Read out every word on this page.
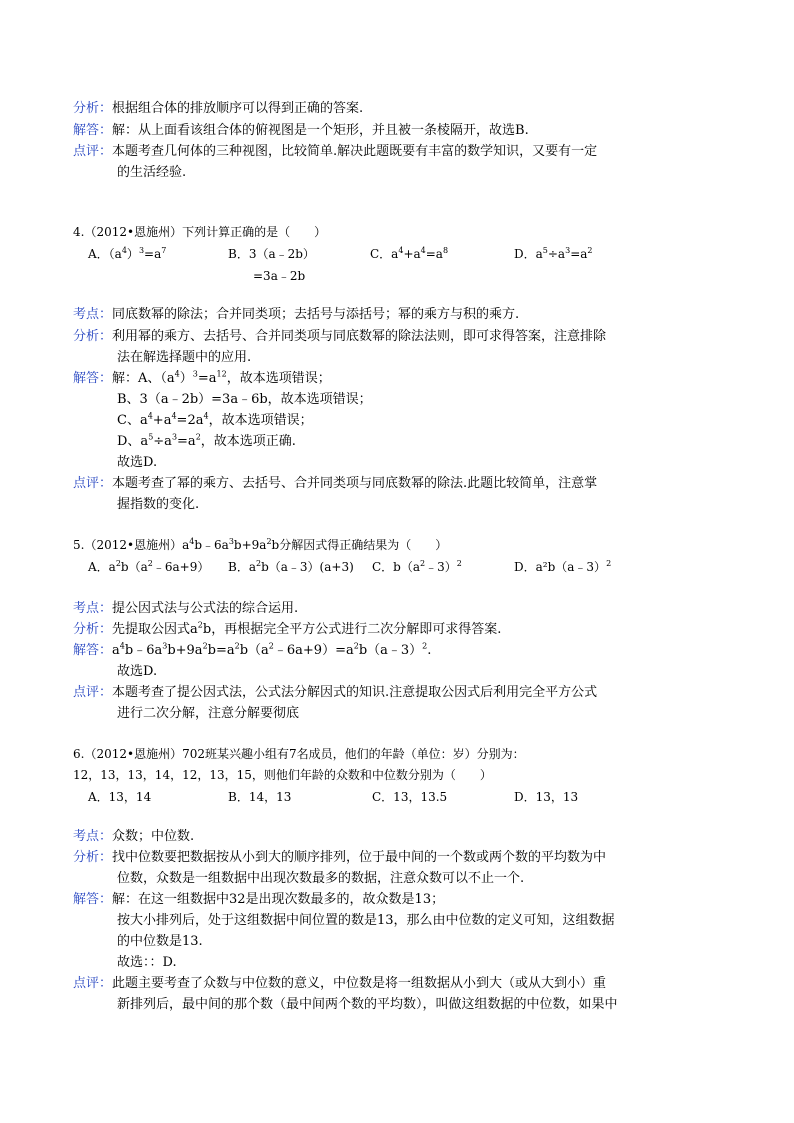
分析：根据组合体的排放顺序可以得到正确的答案.
解答：解：从上面看该组合体的俯视图是一个矩形，并且被一条棱隔开，故选B.
点评：本题考查几何体的三种视图，比较简单.解决此题既要有丰富的数学知识，又要有一定
的生活经验.
4.（2012•恩施州）下列计算正确的是（　　）
A．$(a^4)^3=a^7$	B．3（a﹣2b）
=3a﹣2b
C．$a^4+a^4=a^8$	D．$a^5\div a^3=a^2$
考点：同底数幂的除法；合并同类项；去括号与添括号；幂的乘方与积的乘方.
分析：利用幂的乘方、去括号、合并同类项与同底数幂的除法法则，即可求得答案，注意排除
法在解选择题中的应用.
解答：解：A、$(a^4)^3=a^{12}$，故本选项错误；
B、3（a﹣2b）=3a﹣6b，故本选项错误；
C、$a^4+a^4=2a^4$，故本选项错误；
D、$a^5\div a^3=a^2$，故本选项正确.
故选D.
点评：本题考查了幂的乘方、去括号、合并同类项与同底数幂的除法.此题比较简单，注意掌
握指数的变化.
5.（2012•恩施州）$a^4b﹣6a^3b+9a^2b$分解因式得正确结果为（　　）
A．$a^2b(a^2﹣6a+9)$ B．$a^2b(a﹣3)(a+3)$ C．$b(a^2﹣3)^2$	D．a²b（a﹣3）$^2$
考点：提公因式法与公式法的综合运用.
分析：先提取公因式$a^2b$，再根据完全平方公式进行二次分解即可求得答案.
解答：$a^4b﹣6a^3b+9a^2b=a^2b(a^2﹣6a+9)=a^2b(a﹣3)^2$.
故选D.
点评：本题考查了提公因式法，公式法分解因式的知识.注意提取公因式后利用完全平方公式
进行二次分解，注意分解要彻底
6.（2012•恩施州）702班某兴趣小组有7名成员，他们的年龄（单位：岁）分别为：
12，13，13，14，12，13，15，则他们年龄的众数和中位数分别为（　　）
A．13，14	B．14，13	C．13，13.5	D．13，13
考点：众数；中位数.
分析：找中位数要把数据按从小到大的顺序排列，位于最中间的一个数或两个数的平均数为中
位数，众数是一组数据中出现次数最多的数据，注意众数可以不止一个.
解答：解：在这一组数据中32是出现次数最多的，故众数是13；
按大小排列后，处于这组数据中间位置的数是13，那么由中位数的定义可知，这组数据
的中位数是13.
故选：：D.
点评：此题主要考查了众数与中位数的意义，中位数是将一组数据从小到大（或从大到小）重
新排列后，最中间的那个数（最中间两个数的平均数），叫做这组数据的中位数，如果中
